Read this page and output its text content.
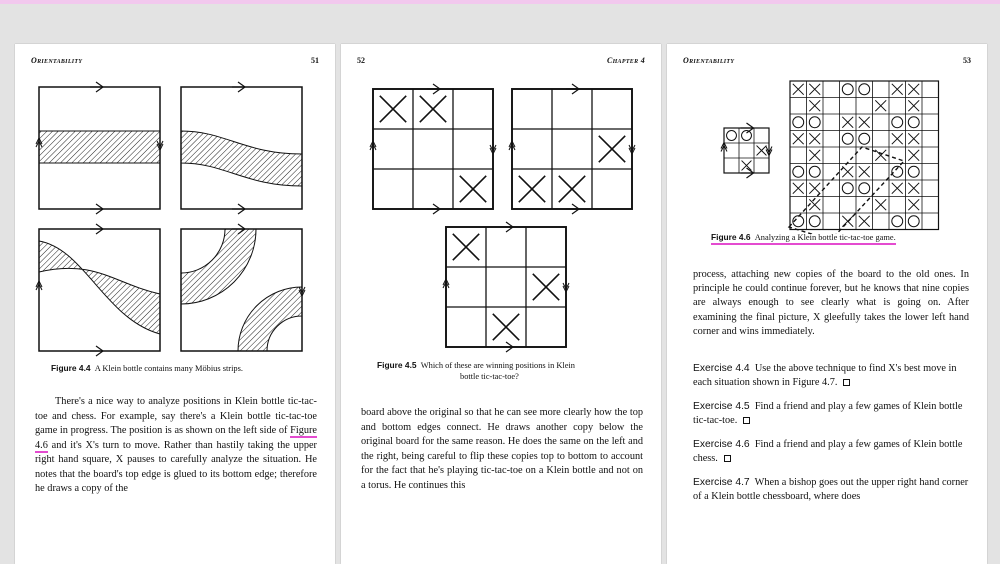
Orientability	51
Figure 4.4 A Klein bottle contains many Möbius strips.
There's a nice way to analyze positions in Klein bottle tic-tac-toe and chess. For example, say there's a Klein bottle tic-tac-toe game in progress. The position is as shown on the left side of Figure 4.6 and it's X's turn to move. Rather than hastily taking the upper right hand square, X pauses to carefully analyze the situation. He notes that the board's top edge is glued to its bottom edge; therefore he draws a copy of the
52	Chapter 4
Figure 4.5 Which of these are winning positions in Klein
bottle tic-tac-toe?
board above the original so that he can see more clearly how the top and bottom edges connect. He draws another copy below the original board for the same reason. He does the same on the left and the right, being careful to flip these copies top to bottom to account for the fact that he's playing tic-tac-toe on a Klein bottle and not on a torus. He continues this
Orientability	53
Figure 4.6 Analyzing a Klein bottle tic-tac-toe game.
process, attaching new copies of the board to the old ones. In principle he could continue forever, but he knows that nine copies are always enough to see clearly what is going on. After examining the final picture, X gleefully takes the lower left hand corner and wins immediately.
Exercise 4.4 Use the above technique to find X's best move in each situation shown in Figure 4.7.
Exercise 4.5 Find a friend and play a few games of Klein bottle tic-tac-toe.
Exercise 4.6 Find a friend and play a few games of Klein bottle chess.
Exercise 4.7 When a bishop goes out the upper right hand corner of a Klein bottle chessboard, where does
